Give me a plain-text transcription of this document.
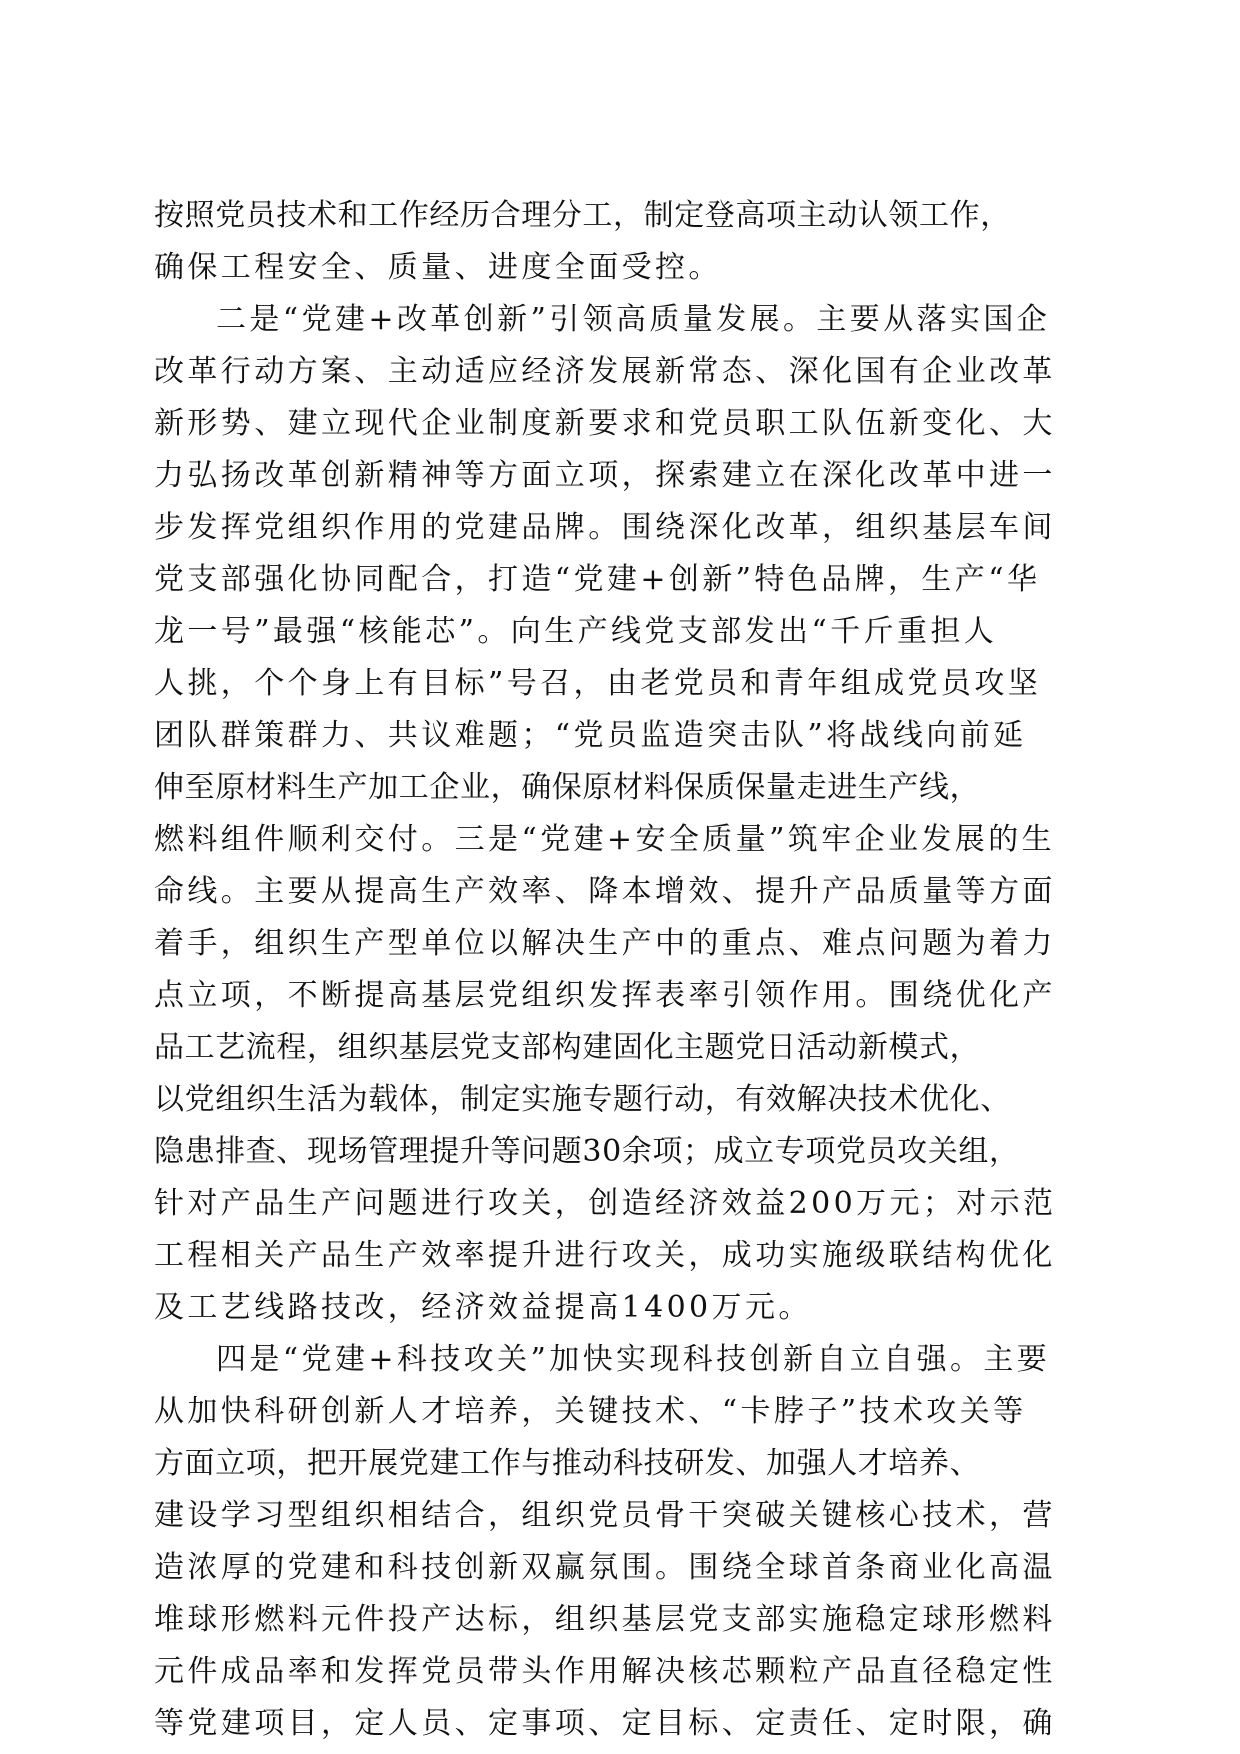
按照党员技术和工作经历合理分工，制定登高项主动认领工作，
确保工程安全、质量、进度全面受控。
二是“党建+改革创新”引领高质量发展。主要从落实国企
改革行动方案、主动适应经济发展新常态、深化国有企业改革
新形势、建立现代企业制度新要求和党员职工队伍新变化、大
力弘扬改革创新精神等方面立项，探索建立在深化改革中进一
步发挥党组织作用的党建品牌。围绕深化改革，组织基层车间
党支部强化协同配合，打造“党建+创新”特色品牌，生产“华
龙一号”最强“核能芯”。向生产线党支部发出“千斤重担人
人挑，个个身上有目标”号召，由老党员和青年组成党员攻坚
团队群策群力、共议难题；“党员监造突击队”将战线向前延
伸至原材料生产加工企业，确保原材料保质保量走进生产线，
燃料组件顺利交付。三是“党建+安全质量”筑牢企业发展的生
命线。主要从提高生产效率、降本增效、提升产品质量等方面
着手，组织生产型单位以解决生产中的重点、难点问题为着力
点立项，不断提高基层党组织发挥表率引领作用。围绕优化产
品工艺流程，组织基层党支部构建固化主题党日活动新模式，
以党组织生活为载体，制定实施专题行动，有效解决技术优化、
隐患排查、现场管理提升等问题30余项；成立专项党员攻关组，
针对产品生产问题进行攻关，创造经济效益200万元；对示范
工程相关产品生产效率提升进行攻关，成功实施级联结构优化
及工艺线路技改，经济效益提高1400万元。
四是“党建+科技攻关”加快实现科技创新自立自强。主要
从加快科研创新人才培养，关键技术、“卡脖子”技术攻关等
方面立项，把开展党建工作与推动科技研发、加强人才培养、
建设学习型组织相结合，组织党员骨干突破关键核心技术，营
造浓厚的党建和科技创新双赢氛围。围绕全球首条商业化高温
堆球形燃料元件投产达标，组织基层党支部实施稳定球形燃料
元件成品率和发挥党员带头作用解决核芯颗粒产品直径稳定性
等党建项目，定人员、定事项、定目标、定责任、定时限，确
